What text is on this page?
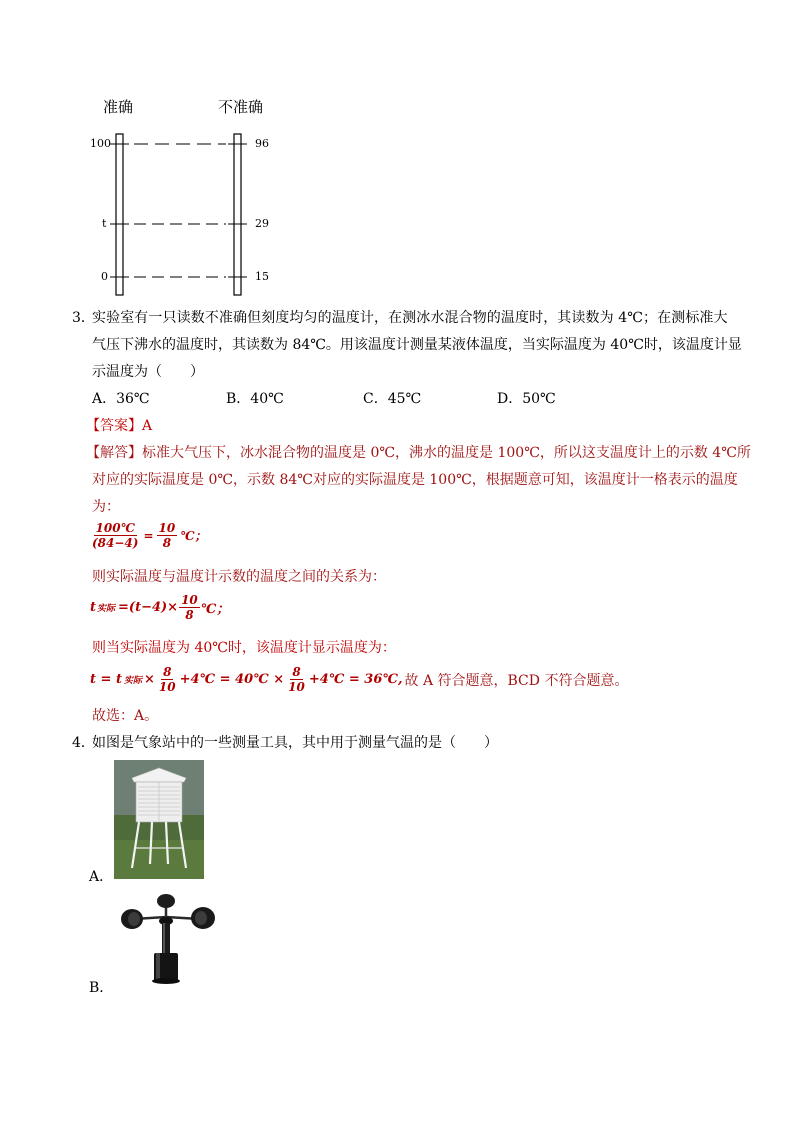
准确	不准确
100
t
0
96
29
15
3．
实验室有一只读数不准确但刻度均匀的温度计，在测冰水混合物的温度时，其读数为 4℃；在测标准大
气压下沸水的温度时，其读数为 84℃。用该温度计测量某液体温度，当实际温度为 40℃时，该温度计显
示温度为（　　）
A．36℃	B．40℃	C．45℃	D．50℃
【答案】A
【解答】标准大气压下，冰水混合物的温度是 0℃，沸水的温度是 100℃，所以这支温度计上的示数 4℃所
对应的实际温度是 0℃，示数 84℃对应的实际温度是 100℃，根据题意可知，该温度计一格表示的温度
为：
$\frac{100℃}{(84-4)} = \frac{10}{8}$ ℃；
则实际温度与温度计示数的温度之间的关系为：
t 实际 $=(t-4)\times \frac{10}{8}$ ℃；
则当实际温度为 40℃时，该温度计显示温度为：
t = t 实际 × $\frac{8}{10}$ +4℃ = 40℃ × $\frac{8}{10}$ +4℃ = 36℃, 故 A 符合题意，BCD 不符合题意。
故选：A。
4．
如图是气象站中的一些测量工具，其中用于测量气温的是（　　）
A．
B．
